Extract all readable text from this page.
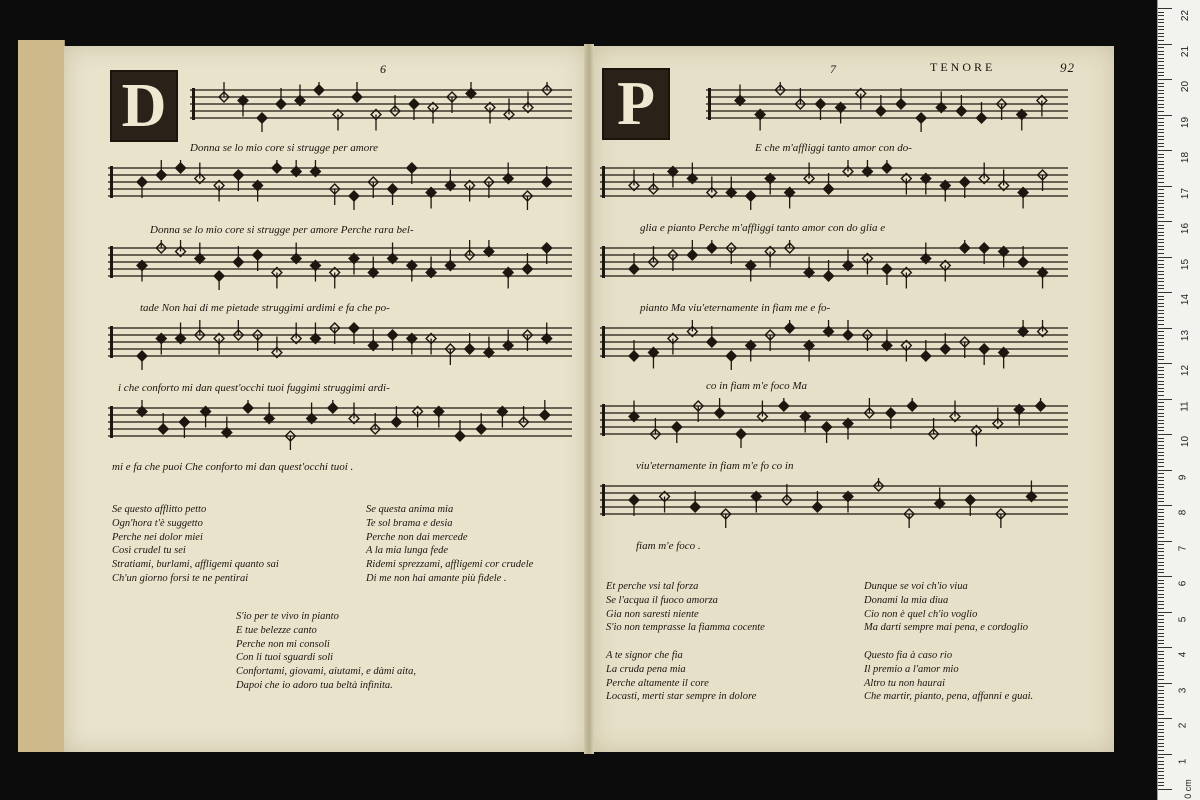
D
6
Donna se lo mio core si strugge per amore
Donna se lo mio core si strugge per amore Perche rara bel-
tade Non hai di me pietade struggimi ardimi e fa che po-
i che conforto mi dan quest'occhi tuoi fuggimi struggimi ardi-
mi e fa che puoi Che conforto mi dan quest'occhi tuoi .
Se questo afflitto petto
Ogn'hora t'è suggetto
Perche nei dolor miei
Così crudel tu sei
Stratiami, burlami, affligemi quanto sai
Ch'un giorno forsi te ne pentirai
Se questa anima mia
Te sol brama e desia
Perche non dai mercede
A la mia lunga fede
Ridemi sprezzami, affligemi cor crudele
Di me non hai amante più fidele .
S'io per te vivo in pianto
E tue belezze canto
Perche non mi consoli
Con li tuoi sguardi soli
Confortami, giovami, aiutami, e dàmi aita,
Dapoi che io adoro tua beltà infinita.
P
7	TENORE	92
E che m'affliggi tanto amor con do-
glia e pianto Perche m'affliggi tanto amor con do glia e
pianto Ma viu'eternamente in fiam me e fo-
co in fiam m'e foco Ma
viu'eternamente in fiam m'e fo co in
fiam m'e foco .
Et perche vsi tal forza
Se l'acqua il fuoco amorza
Gia non saresti niente
S'io non temprasse la fiamma cocente

A te signor che fia
La cruda pena mia
Perche altamente il core
Locasti, merti star sempre in dolore
Dunque se voi ch'io viua
Donami la mia diua
Cio non è quel ch'io voglio
Ma darti sempre mai pena, e cordoglio

Questo fia à caso rio
Il premio a l'amor mio
Altro tu non haurai
Che martir, pianto, pena, affanni e guai.
0 cm
22
21
20
19
18
17
16
15
14
13
12
11
10
9
8
7
6
5
4
3
2
1
